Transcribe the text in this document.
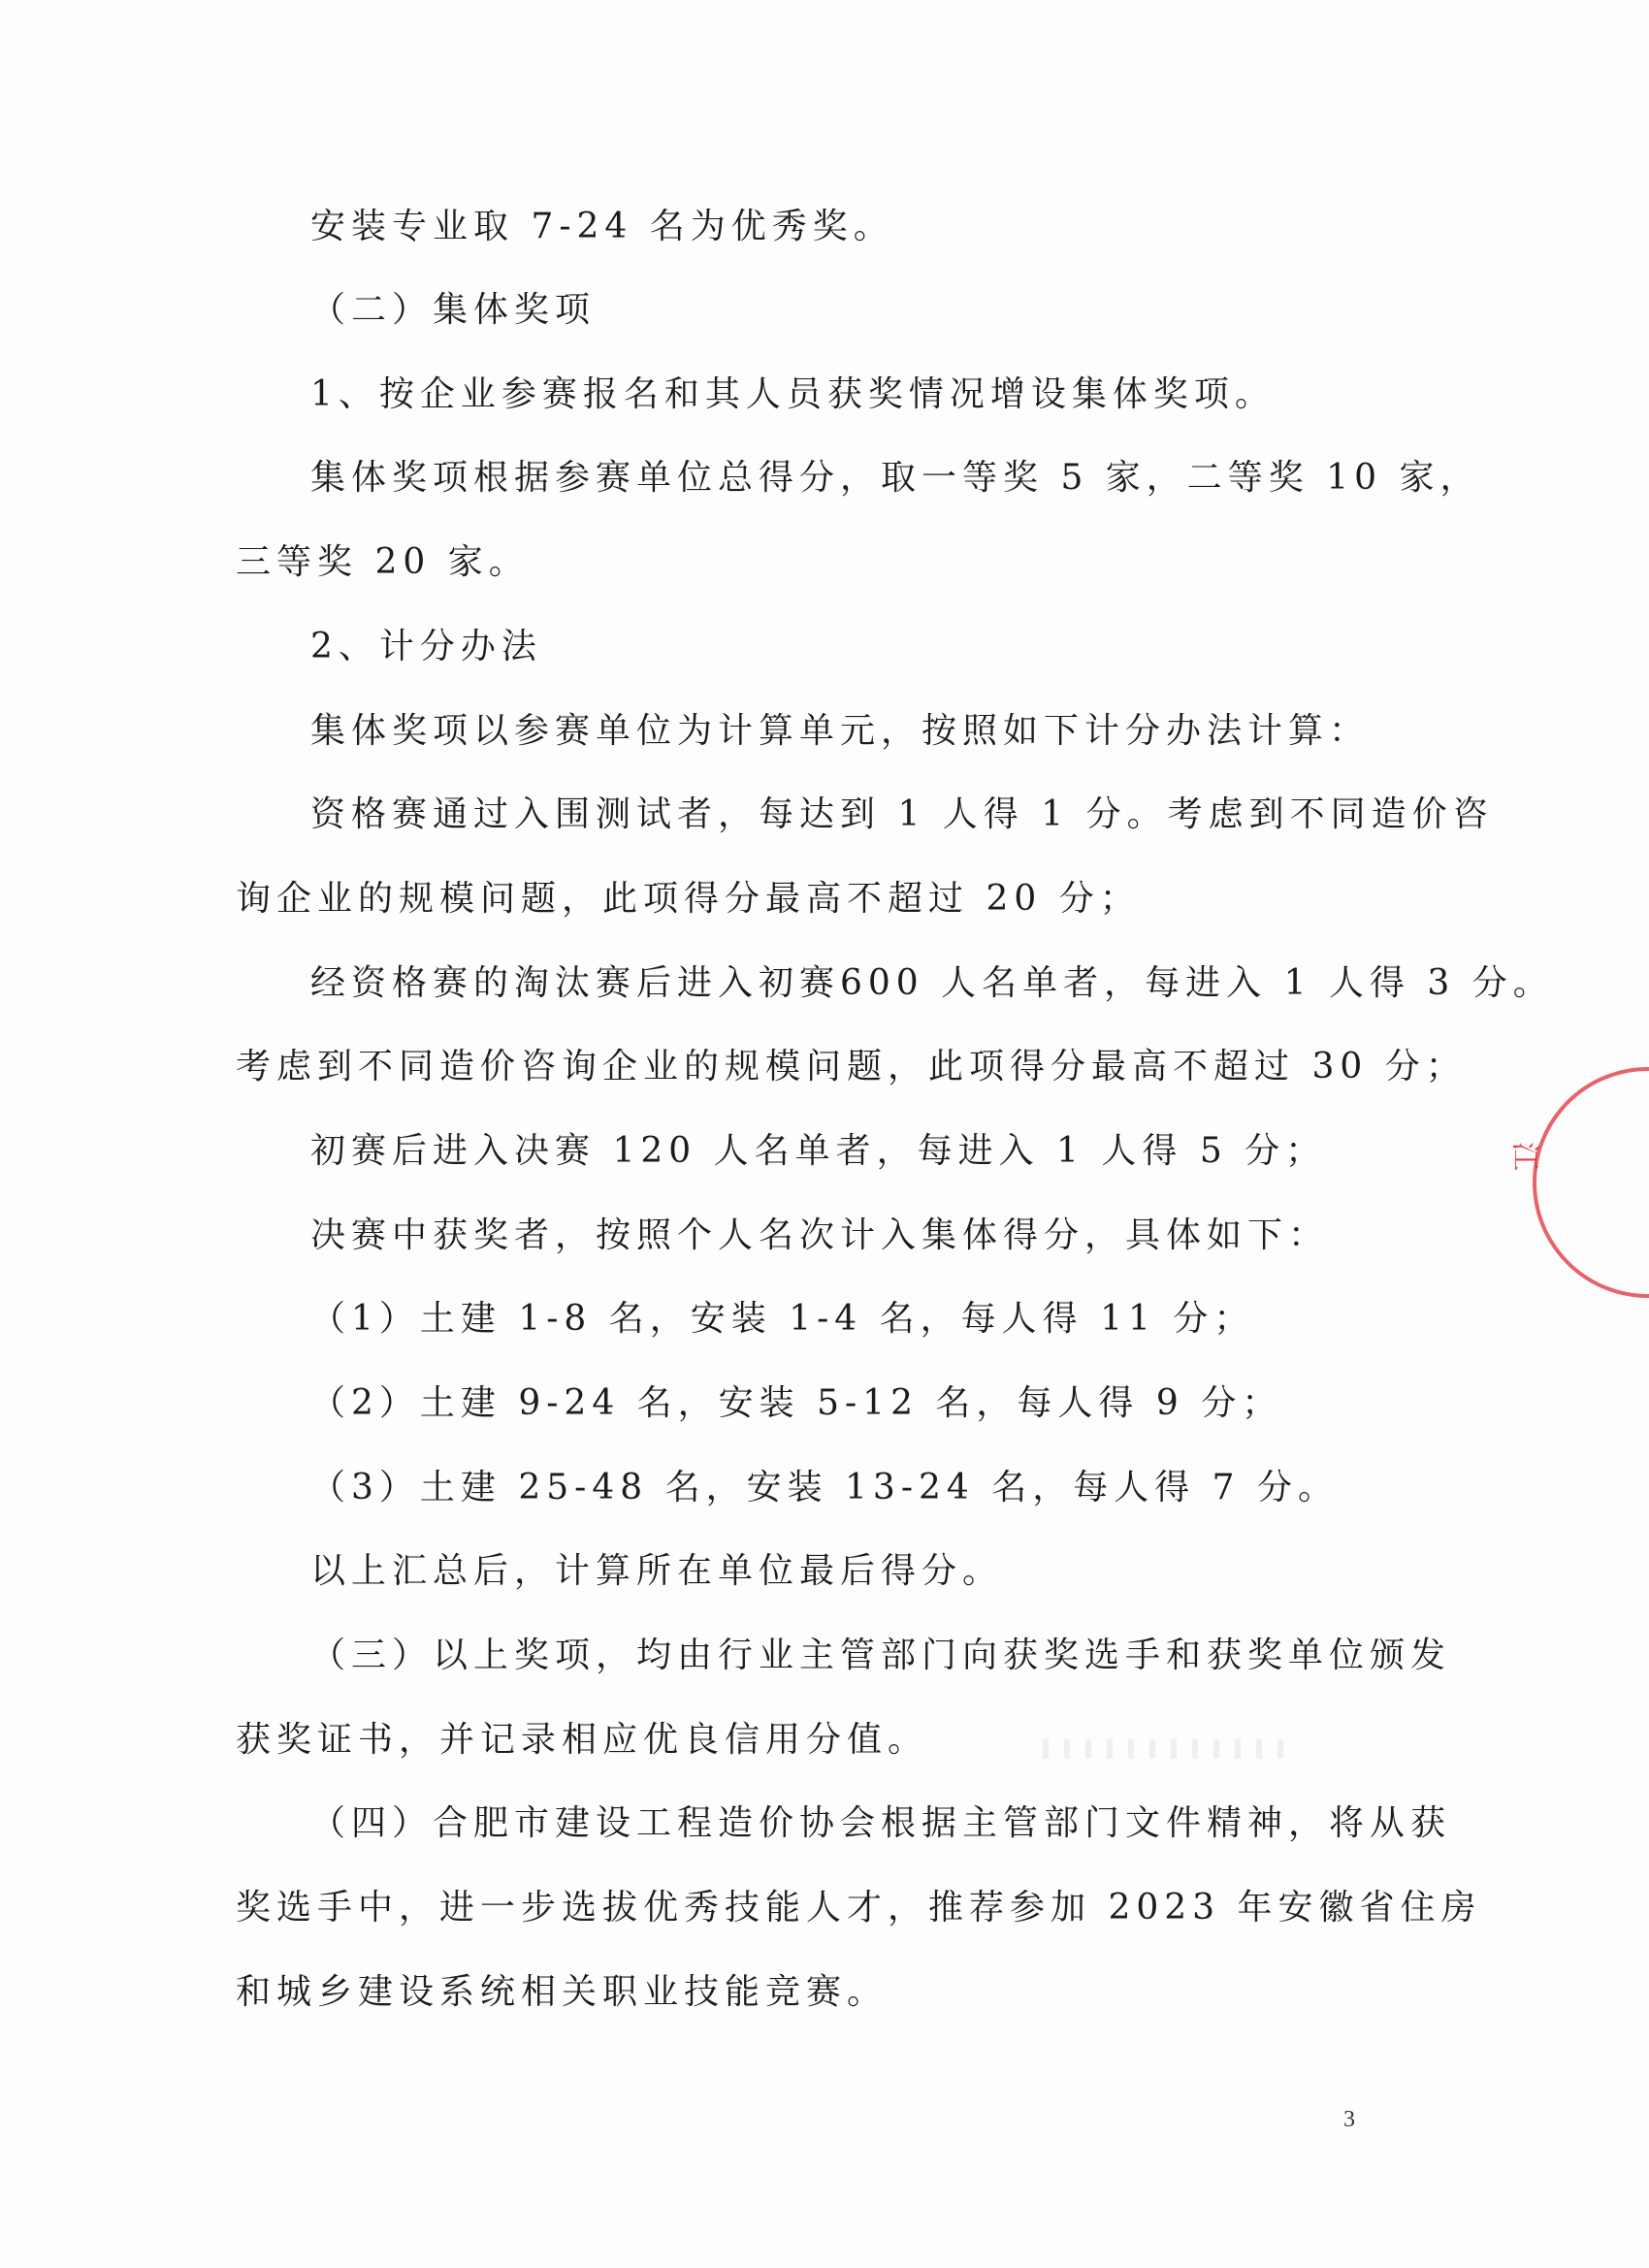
安装专业取 7-24 名为优秀奖。
（二）集体奖项
1、按企业参赛报名和其人员获奖情况增设集体奖项。
集体奖项根据参赛单位总得分，取一等奖 5 家，二等奖 10 家，
三等奖 20 家。
2、计分办法
集体奖项以参赛单位为计算单元，按照如下计分办法计算：
资格赛通过入围测试者，每达到 1 人得 1 分。考虑到不同造价咨
询企业的规模问题，此项得分最高不超过 20 分；
经资格赛的淘汰赛后进入初赛600 人名单者，每进入 1 人得 3 分。
考虑到不同造价咨询企业的规模问题，此项得分最高不超过 30 分；
初赛后进入决赛 120 人名单者，每进入 1 人得 5 分；
决赛中获奖者，按照个人名次计入集体得分，具体如下：
（1）土建 1-8 名，安装 1-4 名，每人得 11 分；
（2）土建 9-24 名，安装 5-12 名，每人得 9 分；
（3）土建 25-48 名，安装 13-24 名，每人得 7 分。
以上汇总后，计算所在单位最后得分。
（三）以上奖项，均由行业主管部门向获奖选手和获奖单位颁发
获奖证书，并记录相应优良信用分值。
（四）合肥市建设工程造价协会根据主管部门文件精神，将从获
奖选手中，进一步选拔优秀技能人才，推荐参加 2023 年安徽省住房
和城乡建设系统相关职业技能竞赛。
江
3
